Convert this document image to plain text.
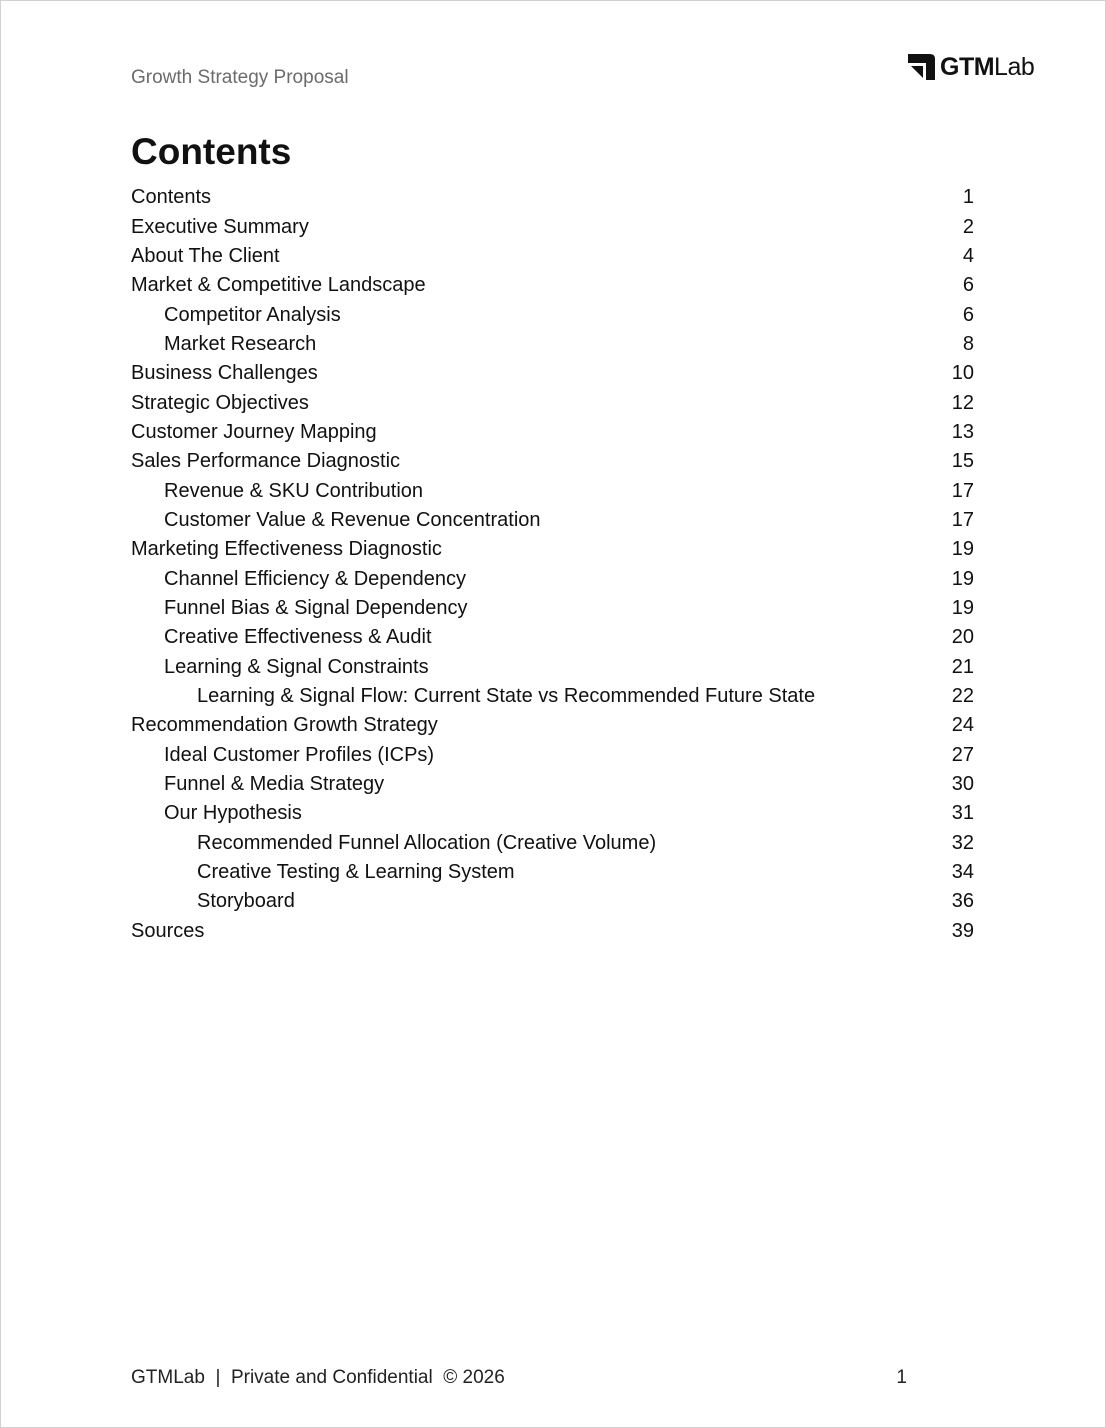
Growth Strategy Proposal	GTMLab
Contents
Contents	1
Executive Summary	2
About The Client	4
Market & Competitive Landscape	6
Competitor Analysis	6
Market Research	8
Business Challenges	10
Strategic Objectives	12
Customer Journey Mapping	13
Sales Performance Diagnostic	15
Revenue & SKU Contribution	17
Customer Value & Revenue Concentration	17
Marketing Effectiveness Diagnostic	19
Channel Efficiency & Dependency	19
Funnel Bias & Signal Dependency	19
Creative Effectiveness & Audit	20
Learning & Signal Constraints	21
Learning & Signal Flow: Current State vs Recommended Future State	22
Recommendation Growth Strategy	24
Ideal Customer Profiles (ICPs)	27
Funnel & Media Strategy	30
Our Hypothesis	31
Recommended Funnel Allocation (Creative Volume)	32
Creative Testing & Learning System	34
Storyboard	36
Sources	39
GTMLab  |  Private and Confidential  © 2026	1
